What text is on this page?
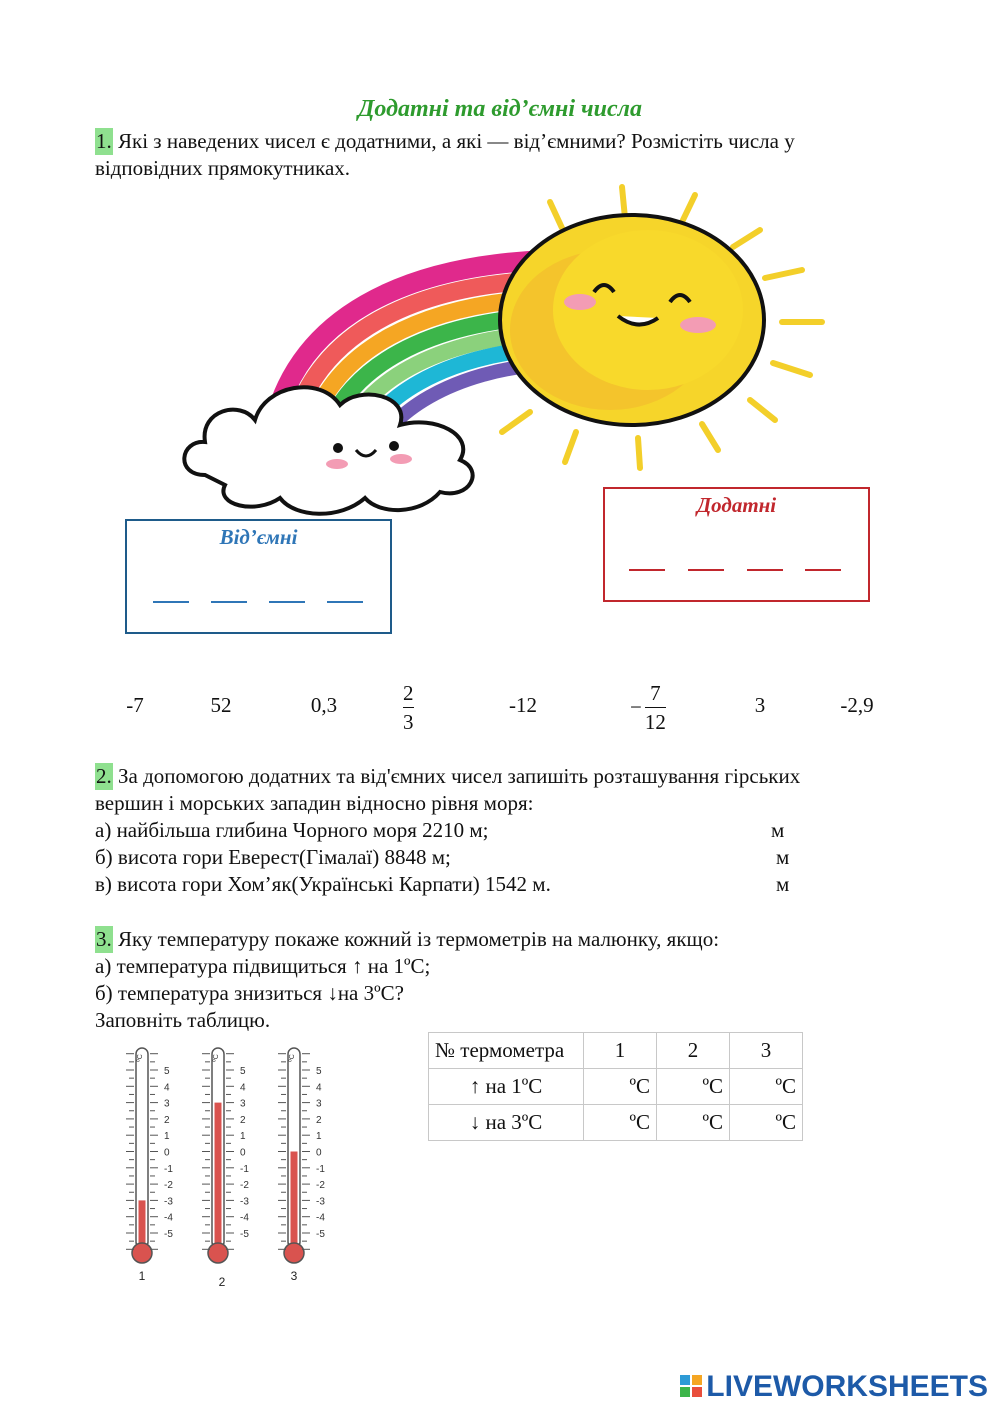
Додатні та від’ємні числа
1. Які з наведених чисел є додатними, а які — від’ємними? Розмістіть числа у
відповідних прямокутниках.
Від’ємні
Додатні
-7	52	0,3	$\frac{2}{3}$	-12	− $\frac{7}{12}$	3	-2,9
2. За допомогою додатних та від'ємних чисел запишіть розташування гірських
вершин і морських западин відносно рівня моря:
а) найбільша глибина Чорного моря 2210 м;	м
б) висота гори Еверест(Гімалаї) 8848 м;	м
в) висота гори Хом’як(Українські Карпати) 1542 м.	м
3. Яку температуру покаже кожний із термометрів на малюнку, якщо:
а) температура підвищиться ↑ на 1ºС;
б) температура знизиться ↓на 3ºС?
Заповніть таблицю.
ºC
5
4
3
2
1
0
-1
-2
-3
-4
-5
1
ºC
5
4
3
2
1
0
-1
-2
-3
-4
-5
2
ºC
5
4
3
2
1
0
-1
-2
-3
-4
-5
3
№ термометра	1	2	3
↑ на 1ºС	ºС	ºС	ºС
↓ на 3ºС	ºС	ºС	ºС
LIVEWORKSHEETS
